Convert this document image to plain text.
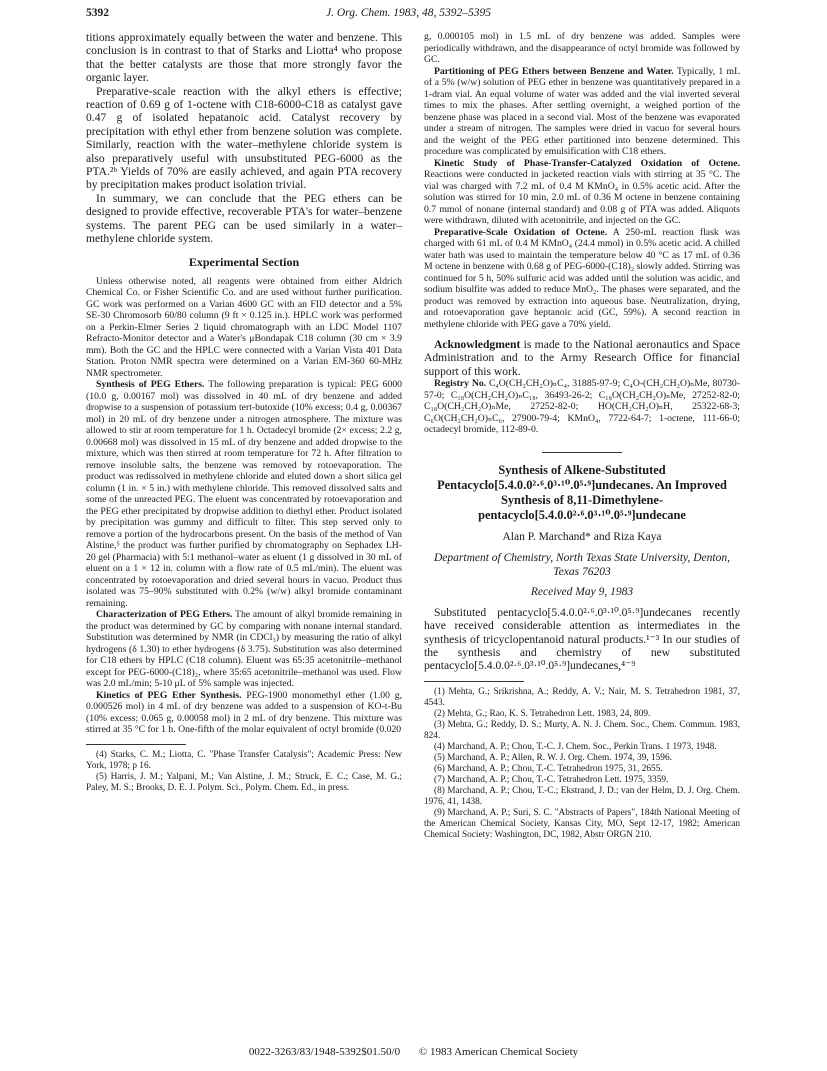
5392	J. Org. Chem. 1983, 48, 5392–5395

titions approximately equally between the water and benzene. This conclusion is in contrast to that of Starks and Liotta⁴ who propose that the better catalysts are those that more strongly favor the organic layer.

Preparative-scale reaction with the alkyl ethers is effective; reaction of 0.69 g of 1-octene with C18-6000-C18 as catalyst gave 0.47 g of isolated hepatanoic acid. Catalyst recovery by precipitation with ethyl ether from benzene solution was complete. Similarly, reaction with the water–methylene chloride system is also preparatively useful with unsubstituted PEG-6000 as the PTA.²ᵇ Yields of 70% are easily achieved, and again PTA recovery by precipitation makes product isolation trivial.

In summary, we can conclude that the PEG ethers can be designed to provide effective, recoverable PTA's for water–benzene systems. The parent PEG can be used similarly in a water–methylene chloride system.

Experimental Section

Unless otherwise noted, all reagents were obtained from either Aldrich Chemical Co. or Fisher Scientific Co. and are used without further purification. GC work was performed on a Varian 4600 GC with an FID detector and a 5% SE-30 Chromosorb 60/80 column (9 ft × 0.125 in.). HPLC work was performed on a Perkin-Elmer Series 2 liquid chromatograph with an LDC Model 1107 Refracto-Monitor detector and a Water's μBondapak C18 column (30 cm × 3.9 mm). Both the GC and the HPLC were connected with a Varian Vista 401 Data Station. Proton NMR spectra were determined on a Varian EM-360 60-MHz NMR spectrometer.

Synthesis of PEG Ethers. The following preparation is typical: PEG 6000 (10.0 g, 0.00167 mol) was dissolved in 40 mL of dry benzene and added dropwise to a suspension of potassium tert-butoxide (10% excess; 0.4 g, 0.00367 mol) in 20 mL of dry benzene under a nitrogen atmosphere. The mixture was allowed to stir at room temperature for 1 h. Octadecyl bromide (2× excess; 2.2 g, 0.00668 mol) was dissolved in 15 mL of dry benzene and added dropwise to the mixture, which was then stirred at room temperature for 72 h. After filtration to remove insoluble salts, the benzene was removed by rotoevaporation. The product was redissolved in methylene chloride and eluted down a short silica gel column (1 in. × 5 in.) with methylene chloride. This removed dissolved salts and some of the unreacted PEG. The eluent was concentrated by rotoevaporation and the PEG ether precipitated by dropwise addition to diethyl ether. Product isolated by precipitation was gummy and difficult to filter. This step served only to remove a portion of the hydrocarbons present. On the basis of the method of Van Alstine,⁵ the product was further purified by chromatography on Sephadex LH-20 gel (Pharmacia) with 5:1 methanol–water as eluent (1 g dissolved in 30 mL of eluent on a 1 × 12 in. column with a flow rate of 0.5 mL/min). The eluent was concentrated by rotoevaporation and dried several hours in vacuo. Product thus isolated was 75–90% substituted with 0.2% (w/w) alkyl bromide contaminant remaining.

Characterization of PEG Ethers. The amount of alkyl bromide remaining in the product was determined by GC by comparing with nonane internal standard. Substitution was determined by NMR (in CDCl₃) by measuring the ratio of alkyl hydrogens (δ 1.30) to ether hydrogens (δ 3.75). Substitution was also determined for C18 ethers by HPLC (C18 column). Eluent was 65:35 acetonitrile–methanol except for PEG-6000-(C18)₂, where 35:65 acetonitrile–methanol was used. Flow was 2.0 mL/min; 5-10 μL of 5% sample was injected.

Kinetics of PEG Ether Synthesis. PEG-1900 monomethyl ether (1.00 g, 0.000526 mol) in 4 mL of dry benzene was added to a suspension of KO-t-Bu (10% excess; 0.065 g, 0.00058 mol) in 2 mL of dry benzene. This mixture was stirred at 35 °C for 1 h. One-fifth of the molar equivalent of octyl bromide (0.020

(4) Starks, C. M.; Liotta, C. "Phase Transfer Catalysis"; Academic Press: New York, 1978; p 16.

(5) Harris, J. M.; Yalpani, M.; Van Alstine, J. M.; Struck, E. C.; Case, M. G.; Paley, M. S.; Brooks, D. E. J. Polym. Sci., Polym. Chem. Ed., in press.

g, 0.000105 mol) in 1.5 mL of dry benzene was added. Samples were periodically withdrawn, and the disappearance of octyl bromide was followed by GC.

Partitioning of PEG Ethers between Benzene and Water. Typically, 1 mL of a 5% (w/w) solution of PEG ether in benzene was quantitatively prepared in a 1-dram vial. An equal volume of water was added and the vial inverted several times to mix the phases. After settling overnight, a weighed portion of the benzene phase was placed in a second vial. Most of the benzene was evaporated under a stream of nitrogen. The samples were dried in vacuo for several hours and the weight of the PEG ether partitioned into benzene determined. This procedure was complicated by emulsification with C18 ethers.

Kinetic Study of Phase-Transfer-Catalyzed Oxidation of Octene. Reactions were conducted in jacketed reaction vials with stirring at 35 °C. The vial was charged with 7.2 mL of 0.4 M KMnO₄ in 0.5% acetic acid. After the solution was stirred for 10 min, 2.0 mL of 0.36 M octene in benzene containing 0.7 mmol of nonane (internal standard) and 0.08 g of PTA was added. Aliquots were withdrawn, diluted with acetonitrile, and injected on the GC.

Preparative-Scale Oxidation of Octene. A 250-mL reaction flask was charged with 61 mL of 0.4 M KMnO₄ (24.4 mmol) in 0.5% acetic acid. A chilled water bath was used to maintain the temperature below 40 °C as 17 mL of 0.36 M octene in benzene with 0.68 g of PEG-6000-(C18)₂ slowly added. Stirring was continued for 5 h, 50% sulfuric acid was added until the solution was acidic, and sodium bisulfite was added to reduce MnO₂. The phases were separated, and the product was removed by extraction into aqueous base. Neutralization, drying, and rotoevaporation gave heptanoic acid (GC, 59%). A second reaction in methylene chloride with PEG gave a 70% yield.

Acknowledgment is made to the National aeronautics and Space Administration and to the Army Research Office for financial support of this work.

Registry No. C₄O(CH₂CH₂O)ₙC₄, 31885-97-9; C₄O-(CH₂CH₂O)ₙMe, 80730-57-0; C₁₈O(CH₂CH₂O)ₙC₁₈, 36493-26-2; C₁₈O(CH₂CH₂O)ₙMe, 27252-82-0; C₁₈O(CH₂CH₂O)ₙMe, 27252-82-0; HO(CH₂CH₂O)ₙH, 25322-68-3; C₆O(CH₂CH₂O)ₙC₆, 27900-79-4; KMnO₄, 7722-64-7; 1-octene, 111-66-0; octadecyl bromide, 112-89-0.

Synthesis of Alkene-Substituted Pentacyclo[5.4.0.0²·⁶.0³·¹⁰.0⁵·⁹]undecanes. An Improved Synthesis of 8,11-Dimethylene-pentacyclo[5.4.0.0²·⁶.0³·¹⁰.0⁵·⁹]undecane
Alan P. Marchand* and Riza Kaya
Department of Chemistry, North Texas State University, Denton, Texas 76203
Received May 9, 1983

Substituted pentacyclo[5.4.0.0²·⁶.0³·¹⁰.0⁵·⁹]undecanes recently have received considerable attention as intermediates in the synthesis of tricyclopentanoid natural products.¹⁻³ In our studies of the synthesis and chemistry of new substituted pentacyclo[5.4.0.0²·⁶.0³·¹⁰.0⁵·⁹]undecanes,⁴⁻⁹

(1) Mehta, G.; Srikrishna, A.; Reddy, A. V.; Nair, M. S. Tetrahedron 1981, 37, 4543.

(2) Mehta, G.; Rao, K. S. Tetrahedron Lett. 1983, 24, 809.

(3) Mehta, G.; Reddy, D. S.; Murty, A. N. J. Chem. Soc., Chem. Commun. 1983, 824.

(4) Marchand, A. P.; Chou, T.-C. J. Chem. Soc., Perkin Trans. 1 1973, 1948.

(5) Marchand, A. P.; Allen, R. W. J. Org. Chem. 1974, 39, 1596.

(6) Marchand, A. P.; Chou, T.-C. Tetrahedron 1975, 31, 2655.

(7) Marchand, A. P.; Chou, T.-C. Tetrahedron Lett. 1975, 3359.

(8) Marchand, A. P.; Chou, T.-C.; Ekstrand, J. D.; van der Helm, D. J. Org. Chem. 1976, 41, 1438.

(9) Marchand, A. P.; Suri, S. C. "Abstracts of Papers", 184th National Meeting of the American Chemical Society, Kansas City, MO, Sept 12-17, 1982; American Chemical Society: Washington, DC, 1982, Abstr ORGN 210.

0022-3263/83/1948-5392$01.50/0 © 1983 American Chemical Society
